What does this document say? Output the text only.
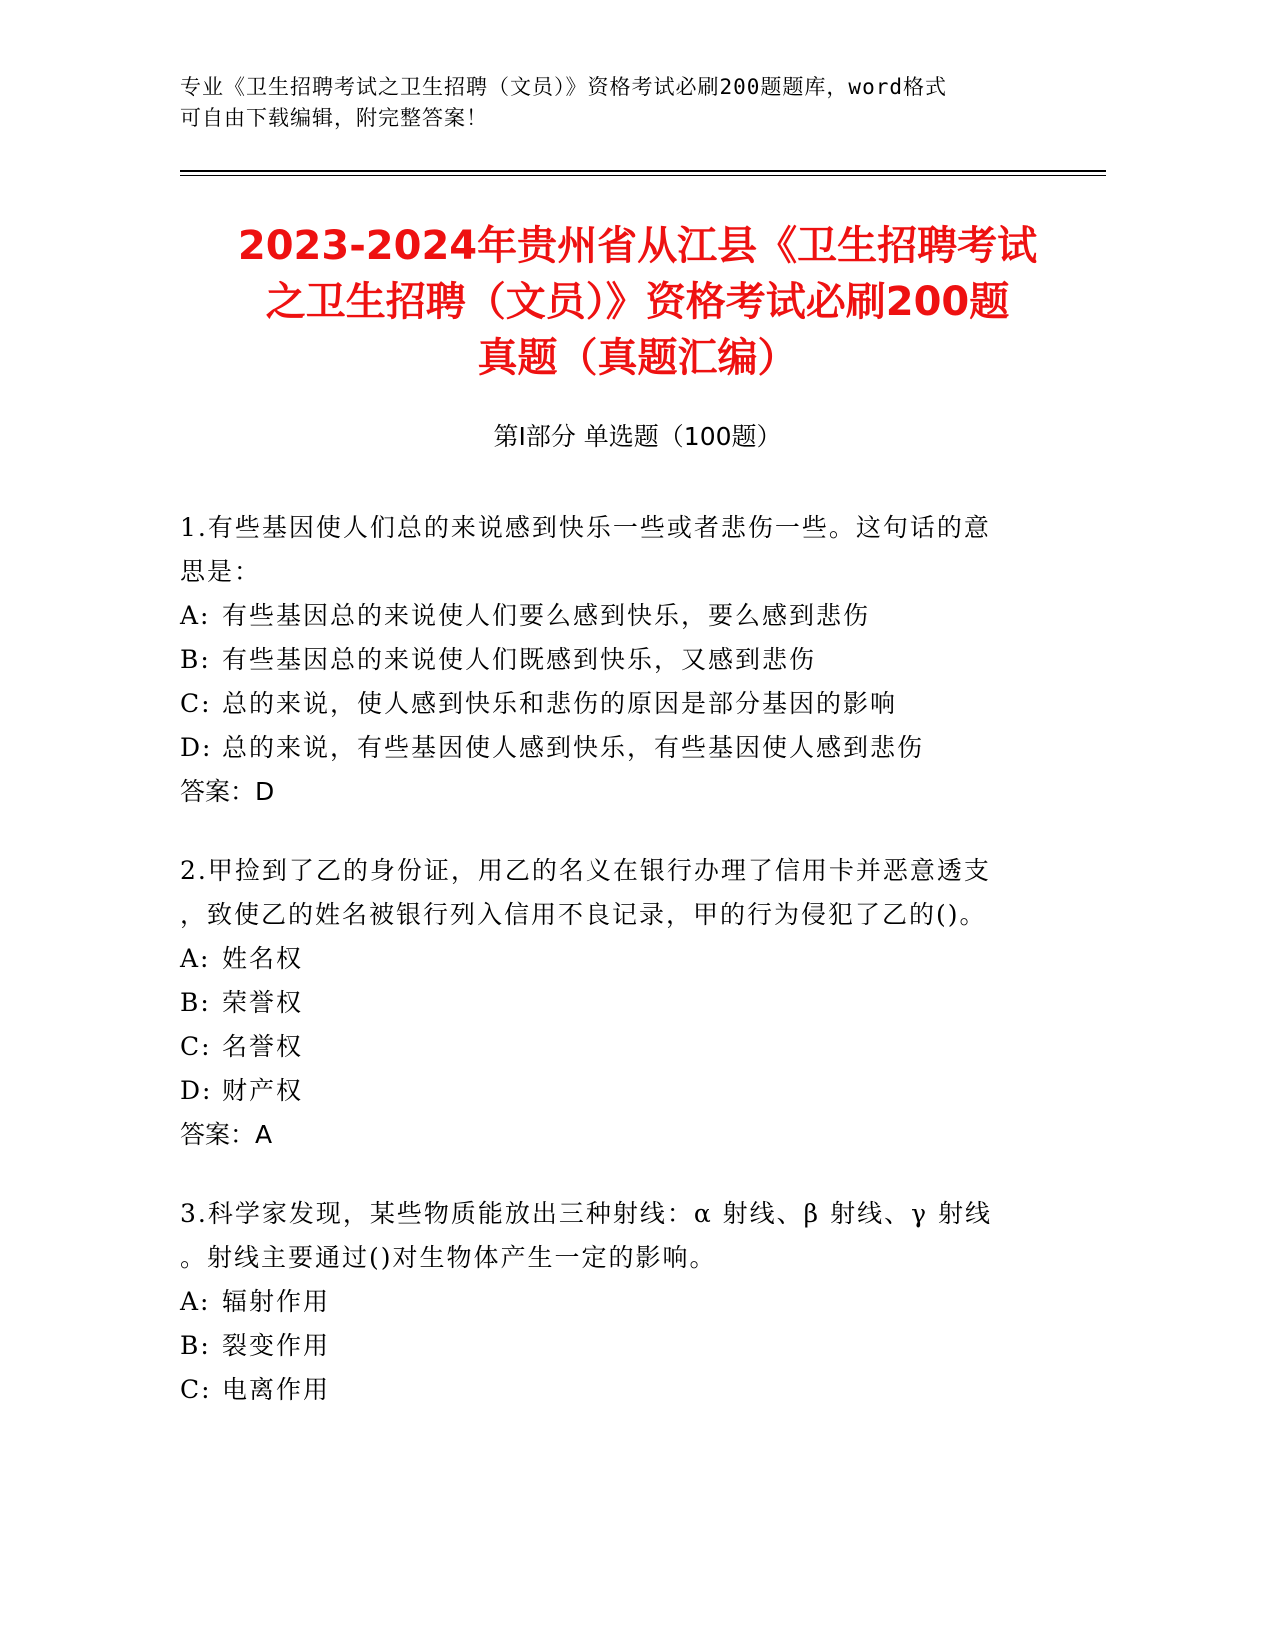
专业《卫生招聘考试之卫生招聘（文员）》资格考试必刷200题题库，word格式
可自由下载编辑，附完整答案！
2023-2024年贵州省从江县《卫生招聘考试
之卫生招聘（文员）》资格考试必刷200题
真题（真题汇编）
第I部分 单选题（100题）
1.有些基因使人们总的来说感到快乐一些或者悲伤一些。这句话的意
思是：
A: 有些基因总的来说使人们要么感到快乐，要么感到悲伤
B: 有些基因总的来说使人们既感到快乐，又感到悲伤
C: 总的来说，使人感到快乐和悲伤的原因是部分基因的影响
D: 总的来说，有些基因使人感到快乐，有些基因使人感到悲伤
答案：D
2.甲捡到了乙的身份证，用乙的名义在银行办理了信用卡并恶意透支
，致使乙的姓名被银行列入信用不良记录，甲的行为侵犯了乙的()。
A: 姓名权
B: 荣誉权
C: 名誉权
D: 财产权
答案：A
3.科学家发现，某些物质能放出三种射线：α 射线、β 射线、γ 射线
。射线主要通过()对生物体产生一定的影响。
A: 辐射作用
B: 裂变作用
C: 电离作用
